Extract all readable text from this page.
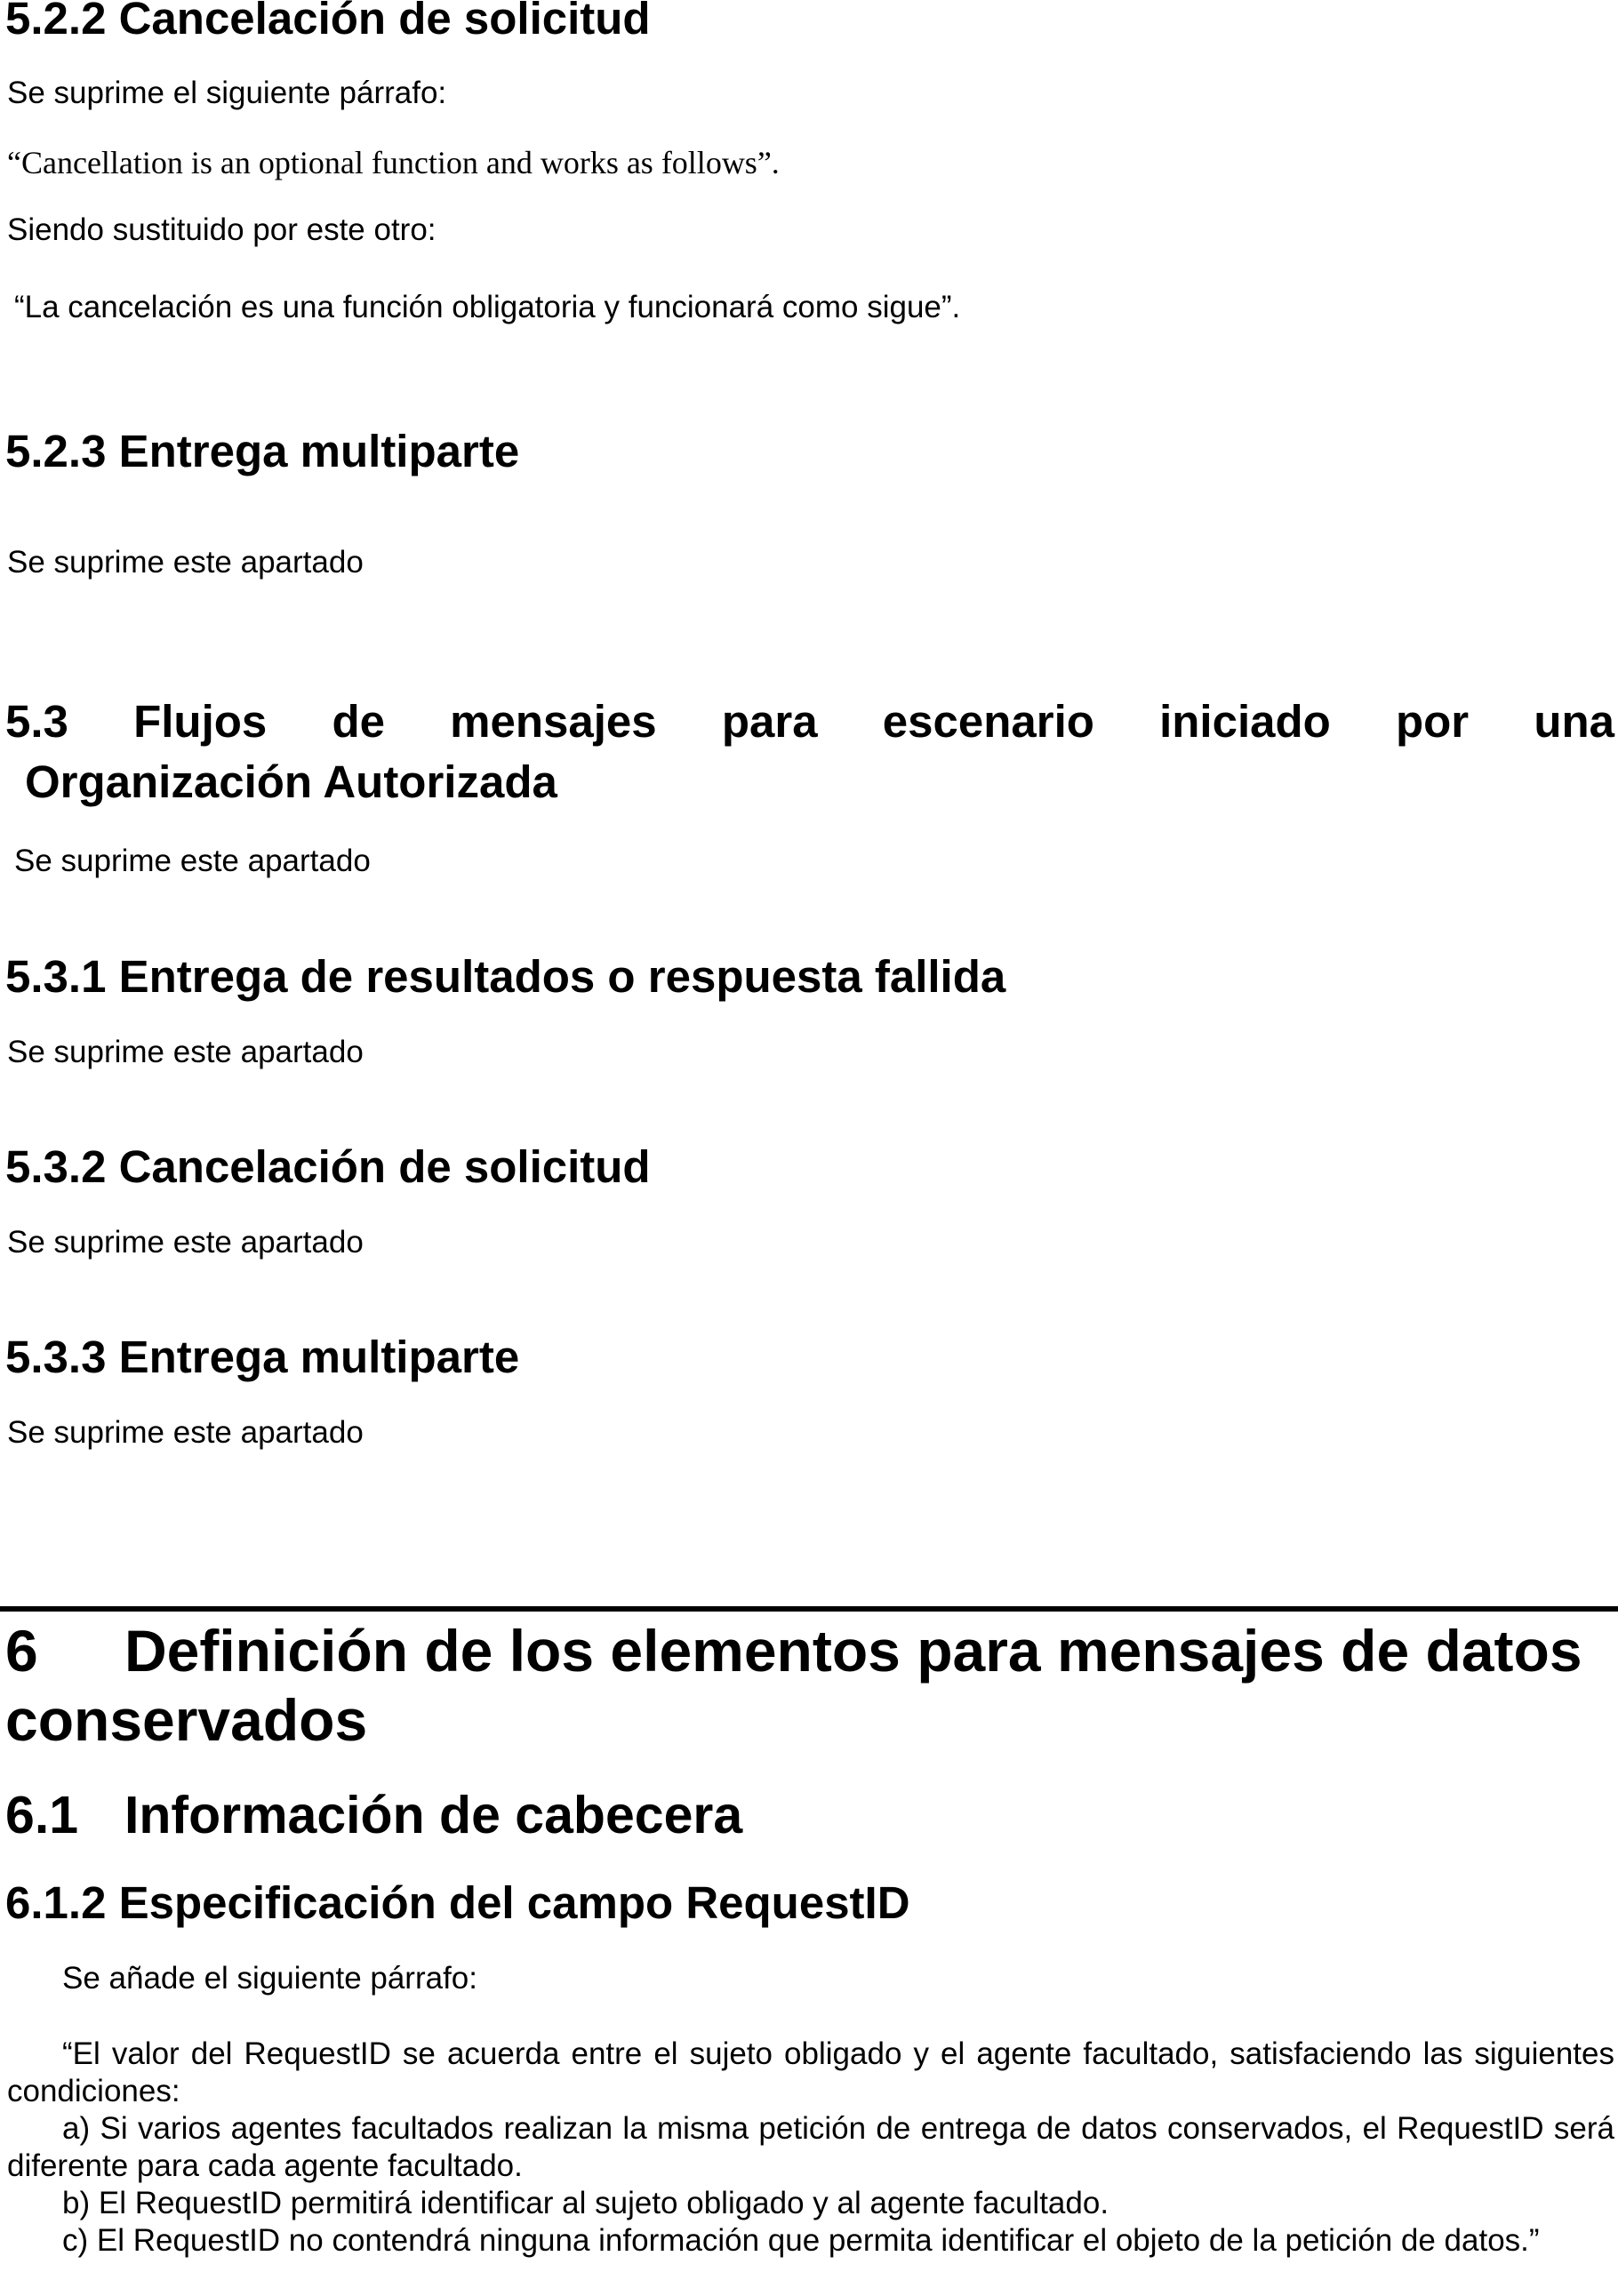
5.2.2 Cancelación de solicitud

Se suprime el siguiente párrafo:

“Cancellation is an optional function and works as follows”.

Siendo sustituido por este otro:

“La cancelación es una función obligatoria y funcionará como sigue”.

5.2.3 Entrega multiparte

Se suprime este apartado

5.3 Flujos de mensajes para escenario iniciado por una
Organización Autorizada

Se suprime este apartado

5.3.1 Entrega de resultados o respuesta fallida

Se suprime este apartado

5.3.2 Cancelación de solicitud

Se suprime este apartado

5.3.3 Entrega multiparte

Se suprime este apartado

6 Definición de los elementos para mensajes de datos
conservados
6.1 Información de cabecera
6.1.2 Especificación del campo RequestID

Se añade el siguiente párrafo:

“El valor del RequestID se acuerda entre el sujeto obligado y el agente facultado, satisfaciendo las siguientes condiciones:

a) Si varios agentes facultados realizan la misma petición de entrega de datos conservados, el RequestID será diferente para cada agente facultado.

b) El RequestID permitirá identificar al sujeto obligado y al agente facultado.

c) El RequestID no contendrá ninguna información que permita identificar el objeto de la petición de datos.”
